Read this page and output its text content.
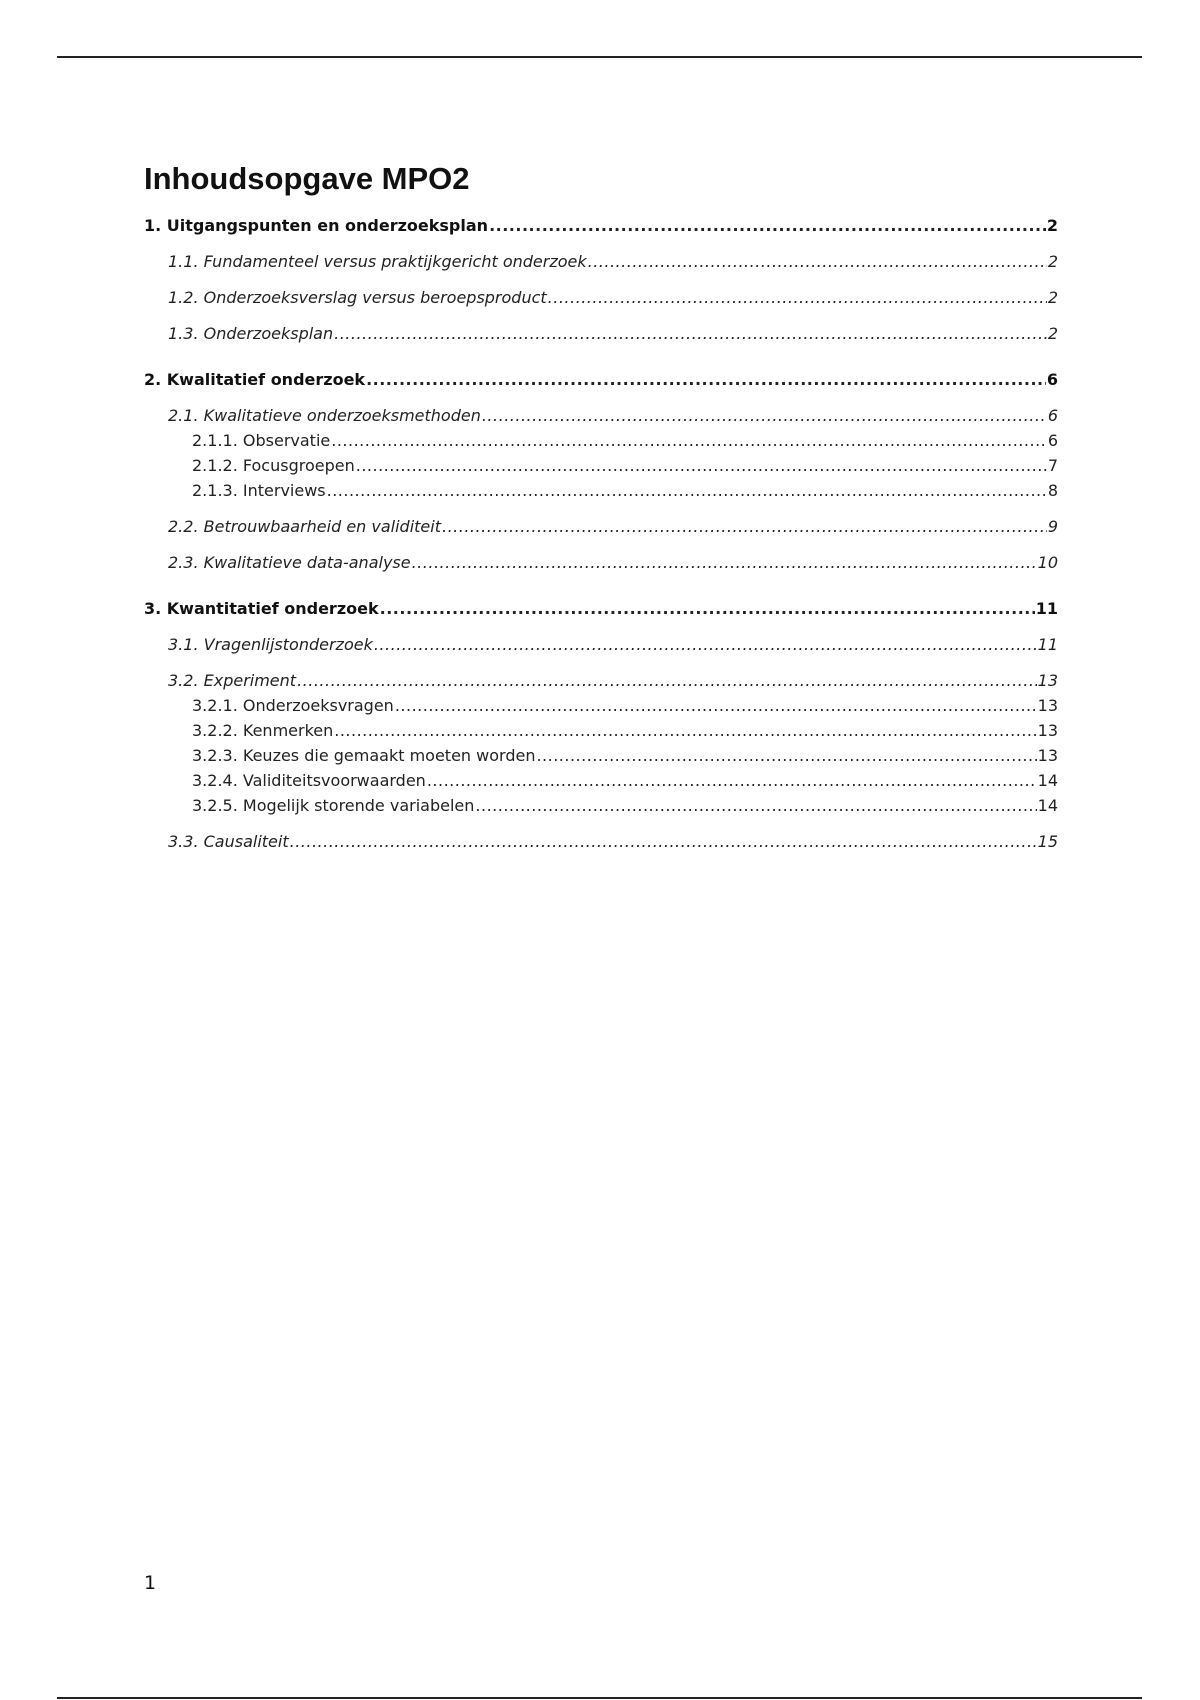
Inhoudsopgave MPO2
1. Uitgangspunten en onderzoeksplan .....	2
1.1. Fundamenteel versus praktijkgericht onderzoek .....	2
1.2. Onderzoeksverslag versus beroepsproduct .....	2
1.3. Onderzoeksplan .....	2
2. Kwalitatief onderzoek .....	6
2.1. Kwalitatieve onderzoeksmethoden .....	6
2.1.1. Observatie .....	6
2.1.2. Focusgroepen .....	7
2.1.3. Interviews .....	8
2.2. Betrouwbaarheid en validiteit .....	9
2.3. Kwalitatieve data-analyse .....	10
3. Kwantitatief onderzoek .....	11
3.1. Vragenlijstonderzoek .....	11
3.2. Experiment .....	13
3.2.1. Onderzoeksvragen .....	13
3.2.2. Kenmerken .....	13
3.2.3. Keuzes die gemaakt moeten worden .....	13
3.2.4. Validiteitsvoorwaarden .....	14
3.2.5. Mogelijk storende variabelen .....	14
3.3. Causaliteit .....	15
1
